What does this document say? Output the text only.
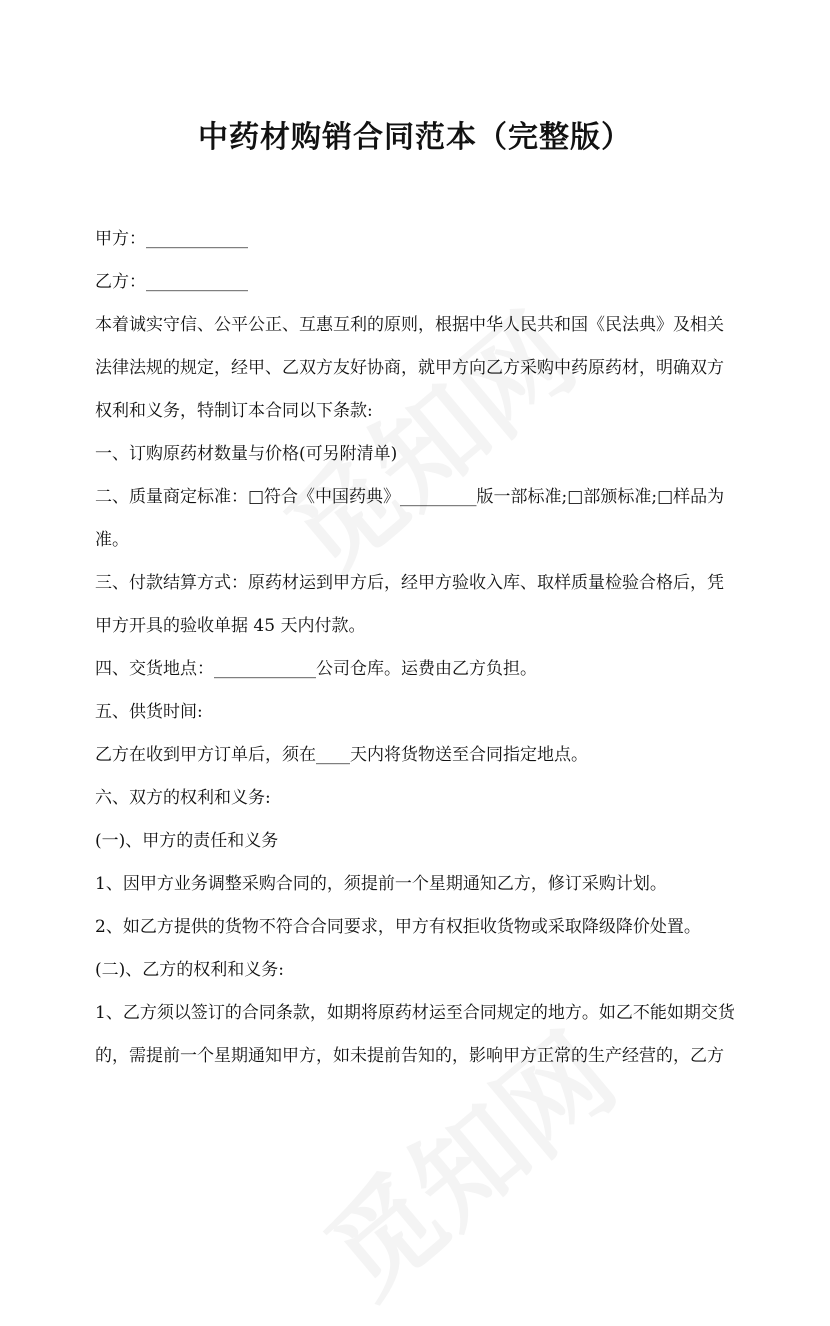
中药材购销合同范本（完整版）
甲方：____________
乙方：____________
本着诚实守信、公平公正、互惠互利的原则，根据中华人民共和国《民法典》及相关
法律法规的规定，经甲、乙双方友好协商，就甲方向乙方采购中药原药材，明确双方
权利和义务，特制订本合同以下条款:
一、订购原药材数量与价格(可另附清单)
二、质量商定标准：□符合《中国药典》_________版一部标准;□部颁标准;□样品为
准。
三、付款结算方式：原药材运到甲方后，经甲方验收入库、取样质量检验合格后，凭
甲方开具的验收单据 45 天内付款。
四、交货地点：____________公司仓库。运费由乙方负担。
五、供货时间:
乙方在收到甲方订单后，须在____天内将货物送至合同指定地点。
六、双方的权利和义务:
(一)、甲方的责任和义务
1、因甲方业务调整采购合同的，须提前一个星期通知乙方，修订采购计划。
2、如乙方提供的货物不符合合同要求，甲方有权拒收货物或采取降级降价处置。
(二)、乙方的权利和义务:
1、乙方须以签订的合同条款，如期将原药材运至合同规定的地方。如乙不能如期交货
的，需提前一个星期通知甲方，如未提前告知的，影响甲方正常的生产经营的，乙方
